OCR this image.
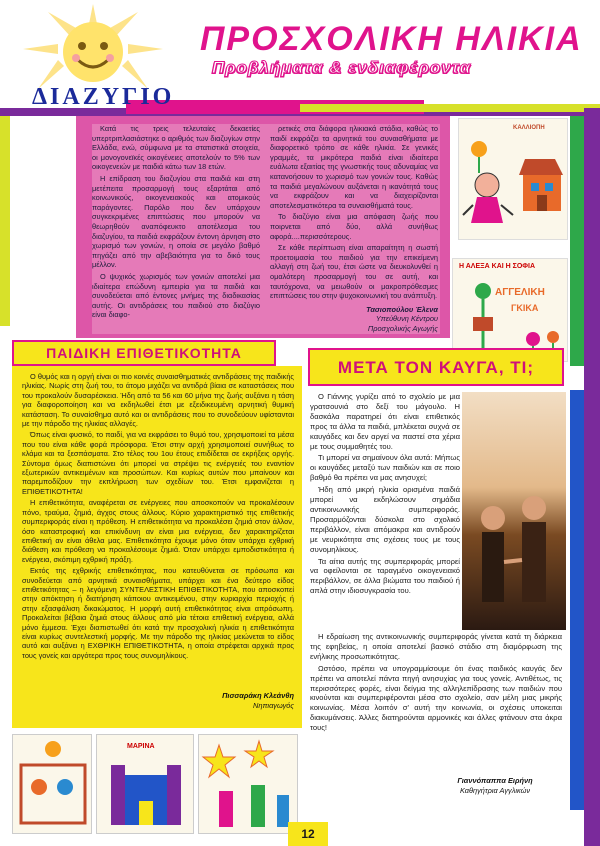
ΠΡΟΣΧΟΛΙΚΗ ΗΛΙΚΙΑ
Προβλήματα & ενδιαφέροντα
ΔΙΑΖΥΓΙΟ

Κατά τις τρεις τελευταίες δεκαετίες υπερτριπλασιάστηκε ο αριθμός των διαζυγίων στην Ελλάδα, ενώ, σύμφωνα με τα στατιστικά στοιχεία, οι μονογονεϊκές οικογένειες αποτελούν το 5% των οικογενειών με παιδιά κάτω των 18 ετών.

Η επίδραση του διαζυγίου στα παιδιά και στη μετέπειτα προσαρμογή τους εξαρτάται από κοινωνικούς, οικογενειακούς και ατομικούς παράγοντες. Παρόλο που δεν υπάρχουν συγκεκριμένες επιπτώσεις που μπορούν να θεωρηθούν αναπόφευκτο αποτέλεσμα του διαζυγίου, τα παιδιά εκφράζουν έντονη άρνηση στο χωρισμό των γονιών, η οποία σε μεγάλο βαθμό πηγάζει από την αβεβαιότητα για το δικό τους μέλλον.

Ο ψυχικός χωρισμός των γονιών αποτελεί μια ιδιαίτερα επώδυνη εμπειρία για τα παιδιά και συνοδεύεται από έντονες μνήμες της διαδικασίας αυτής. Οι αντιδράσεις του παιδιού στο διαζύγιο είναι διαφο-

ρετικές στα διάφορα ηλικιακά στάδια, καθώς το παιδί εκφράζει τα αρνητικά του συναισθήματα με διαφορετικό τρόπο σε κάθε ηλικία. Σε γενικές γραμμές, τα μικρότερα παιδιά είναι ιδιαίτερα ευάλωτα εξαιτίας της γνωστικής τους αδυναμίας να κατανοήσουν το χωρισμό των γονιών τους. Καθώς τα παιδιά μεγαλώνουν αυξάνεται η ικανότητά τους να εκφράζουν και να διαχειρίζονται αποτελεσματικότερα τα συναισθήματά τους.

Το διαζύγιο είναι μια απόφαση ζωής που ποιρνεται από δύο, αλλά συνήθως αφορά....περισσότερους.

Σε κάθε περίπτωση είναι απαραίτητη η σωστή προετοιμασία του παιδιού για την επικείμενη αλλαγή στη ζωή του, έτσι ώστε να διευκολυνθεί η ομαλότερη προσαρμογή του σε αυτή, και ταυτόχρονα, να μειωθούν οι μακροπρόθεσμες επιπτώσεις του στην ψυχοκοινωνική του ανάπτυξη.

Τασιοπούλου Έλενα
Υπεύθυνη Κέντρου
Προσχολικής Αγωγής
ΚΑΛΛΙΟΠΗ
Η ΑΛΕΞΑ ΚΑΙ Η ΣΟΦΙΑ
ΑΓΓΕΛΙΚΗ
ΓΚΙΚΑ

Ο θυμός και η οργή είναι οι πιο κοινές συναισθηματικές αντιδράσεις της παιδικής ηλικίας. Νωρίς στη ζωή του, το άτομο μιχάζει να αντιδρά βίαια σε καταστάσεις που του προκαλούν δυσαρέσκεια. Ήδη από τα 56 και 60 μήνα της ζωής αυξάνει η τάση για διαφοροποίηση και να εκδηλωθεί έτσι με εξειδικευμένη αρνητική θυμική κατάσταση. Το συναίσθημα αυτό και οι αντιδράσεις που το συνοδεύουν υφίστανται με την πάροδο της ηλικίας αλλαγές.

Όπως είναι φυσικό, το παιδί, για να εκφράσει το θυμό του, χρησιμοποιεί τα μέσα που του είναι κάθε φορά πρόσφορα. Έτσι στην αρχή χρησιμοποιεί συνήθως το κλάμα και τα ξεσπάσματα. Στο τέλος του 1ου έτους επιδίδεται σε εκρήξεις οργής. Σύντομα όμως διαπιστώνει ότι μπορεί να στρέψει τις ενέργειές του εναντίον εξωτερικών αντικειμένων και προσώπων. Και κυρίως αυτών που μπαίνουν και παρεμποδίζουν την εκπλήρωση των σχεδίων του. Έτσι εμφανίζεται η ΕΠΙΘΕΤΙΚΟΤΗΤΑ!

Η επιθετικότητα, αναφέρεται σε ενέργειες που αποσκοπούν να προκαλέσουν πόνο, τραύμα, ζημιά, άγχος στους άλλους. Κύριο χαρακτηριστικό της επιθετικής συμπεριφοράς είναι η πρόθεση. Η επιθετικότητα να προκαλέσει ζημιά στον άλλον, όσο καταστροφική και επικίνδυνη αν είναι μια ενέργεια, δεν χαρακτηρίζεται επιθετική αν είναι άθελα μας. Επιθετικότητα έχουμε μόνο όταν υπάρχει εχθρική διάθεση και πρόθεση να προκαλέσουμε ζημιά. Όταν υπάρχει εμποδιστικότητα ή ενέργεια, σκόπιμη εχθρική πράξη.

Εκτός της εχθρικής επιθετικότητας, που κατευθύνεται σε πρόσωπα και συνοδεύεται από αρνητικά συναισθήματα, υπάρχει και ένα δεύτερο είδος επιθετικότητας – η λεγόμενη ΣΥΝΤΕΛΕΣΤΙΚΗ ΕΠΙΘΕΤΙΚΟΤΗΤΑ, που αποσκοπεί στην απόκτηση ή διατήρηση κάποιου αντικειμένου, στην κυριαρχία περιοχής ή στην εξασφάλιση δικαιώματος. Η μορφή αυτή επιθετικότητας είναι απρόσωπη. Προκαλείται βέβαια ζημιά στους άλλους από μία τέτοια επιθετική ενέργεια, αλλά μόνο έμμεσα. Έχει διαπιστωθεί ότι κατά την προσχολική ηλικία η επιθετικότητα είναι κυρίως συντελεστική μορφής. Με την πάροδο της ηλικίας μειώνεται το είδος αυτό και αυξάνει η ΕΧΘΡΙΚΗ ΕΠΙΘΕΤΙΚΟΤΗΤΑ, η οποία στρέφεται αρχικά προς τους γονείς και αργότερα προς τους συνομηλίκους.

Πισσαράκη Κλεάνθη
Νηπιαγωγός
ΠΑΙΔΙΚΗ ΕΠΙΘΕΤΙΚΟΤΗΤΑ
ΜΕΤΑ ΤΟΝ ΚΑΥΓΑ, ΤΙ;

Ο Γιάννης γυρίζει από το σχολείο με μια γρατσουνιά στο δεξί του μάγουλο. Η δασκάλα παρατηρεί ότι είναι επιθετικός προς τα άλλα τα παιδιά, μπλέκεται συχνά σε καυγάδες και δεν αργεί να παστεί στα χέρια με τους συμμαθητές του.

Τι μπορεί να σημαίνουν όλα αυτά: Μήπως οι καυγάδες μεταξύ των παιδιών και σε ποιο βαθμό θα πρέπει να μας ανησυχεί;

Ήδη από μικρή ηλικία ορισμένα παιδιά μπορεί να εκδηλώσουν σημάδια αντικοινωνικής συμπεριφοράς. Προσαρμόζονται δύσκολα στο σχολικό περιβάλλον, είναι απόμακρα και αντιδρούν με νευρικότητα στις σχέσεις τους με τους συνομηλίκους.

Τα αίτια αυτής της συμπεριφοράς μπορεί να οφείλονται σε ταραγμένο οικογενειακό περιβάλλον, σε άλλα βιώματα του παιδιού ή απλά στην ιδιοσυγκρασία του.

Η εδραίωση της αντικοινωνικής συμπεριφοράς γίνεται κατά τη διάρκεια της εφηβείας, η οποία αποτελεί βασικό στάδιο στη διαμόρφωση της ενήλικης προσωπικότητας.

Ωστόσο, πρέπει να υπογραμμίσουμε ότι ένας παιδικός καυγάς δεν πρέπει να αποτελεί πάντα πηγή ανησυχίας για τους γονείς. Αντιθέτως, τις περισσότερες φορές, είναι δείγμα της αλληλεπίδρασης των παιδιών που κινούνται και συμπεριφέρονται μέσα στο σχολείο, σαν μέλη μιας μικρής κοινωνίας. Μέσα λοιπόν σ' αυτή την κοινωνία, οι σχέσεις υποκειται διακυμάνσεις. Άλλες διατηρούνται αρμονικές και άλλες φτάνουν στα άκρα τους!

Γιαννόπαππα Ειρήνη
Καθηγήτρια Αγγλικών
ΜΑΡΙΝΑ
12
